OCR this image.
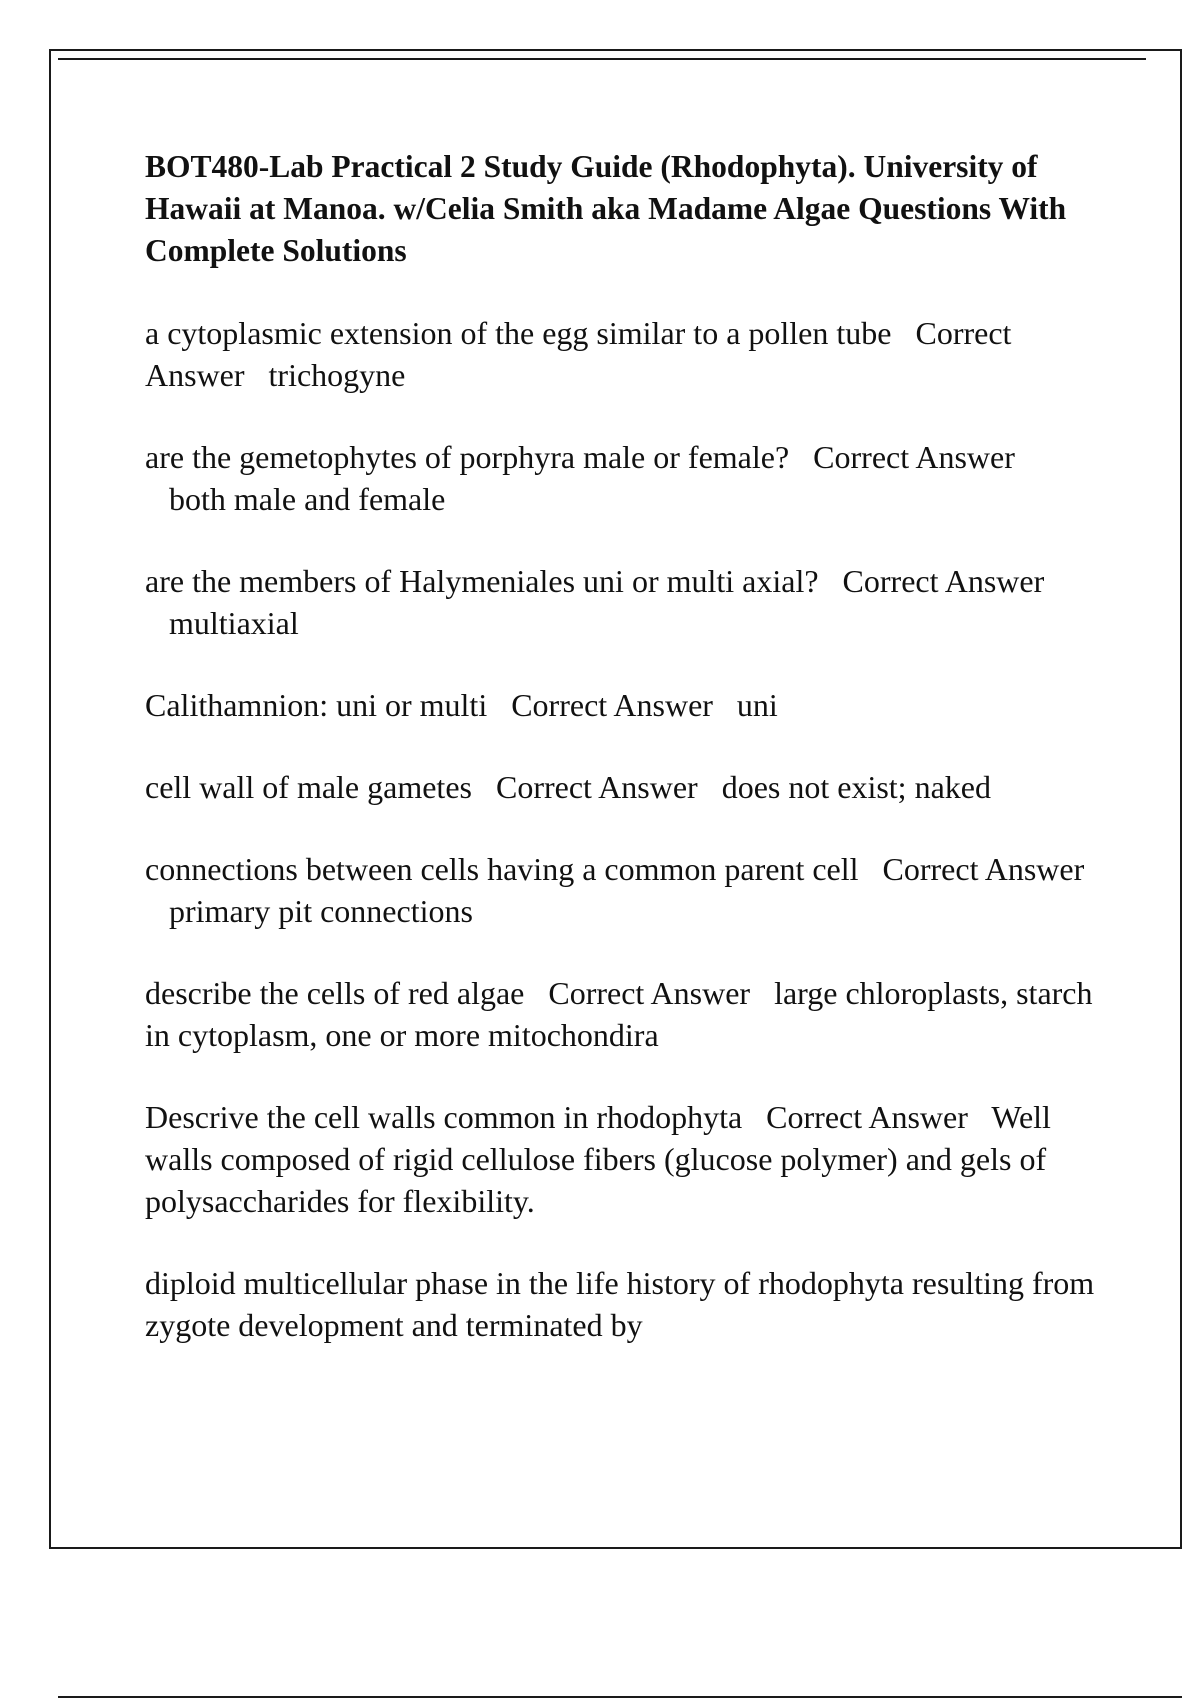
BOT480-Lab Practical 2 Study Guide (Rhodophyta). University of Hawaii at Manoa. w/Celia Smith aka Madame Algae Questions With Complete Solutions
a cytoplasmic extension of the egg similar to a pollen tube Correct Answer trichogyne
are the gemetophytes of porphyra male or female? Correct Answer   both male and female
are the members of Halymeniales uni or multi axial? Correct Answer   multiaxial
Calithamnion: uni or multi Correct Answer uni
cell wall of male gametes Correct Answer does not exist; naked
connections between cells having a common parent cell Correct Answer   primary pit connections
describe the cells of red algae Correct Answer large chloroplasts, starch in cytoplasm, one or more mitochondira
Descrive the cell walls common in rhodophyta Correct Answer Well walls composed of rigid cellulose fibers (glucose polymer) and gels of polysaccharides for flexibility.
diploid multicellular phase in the life history of rhodophyta resulting from zygote development and terminated by
